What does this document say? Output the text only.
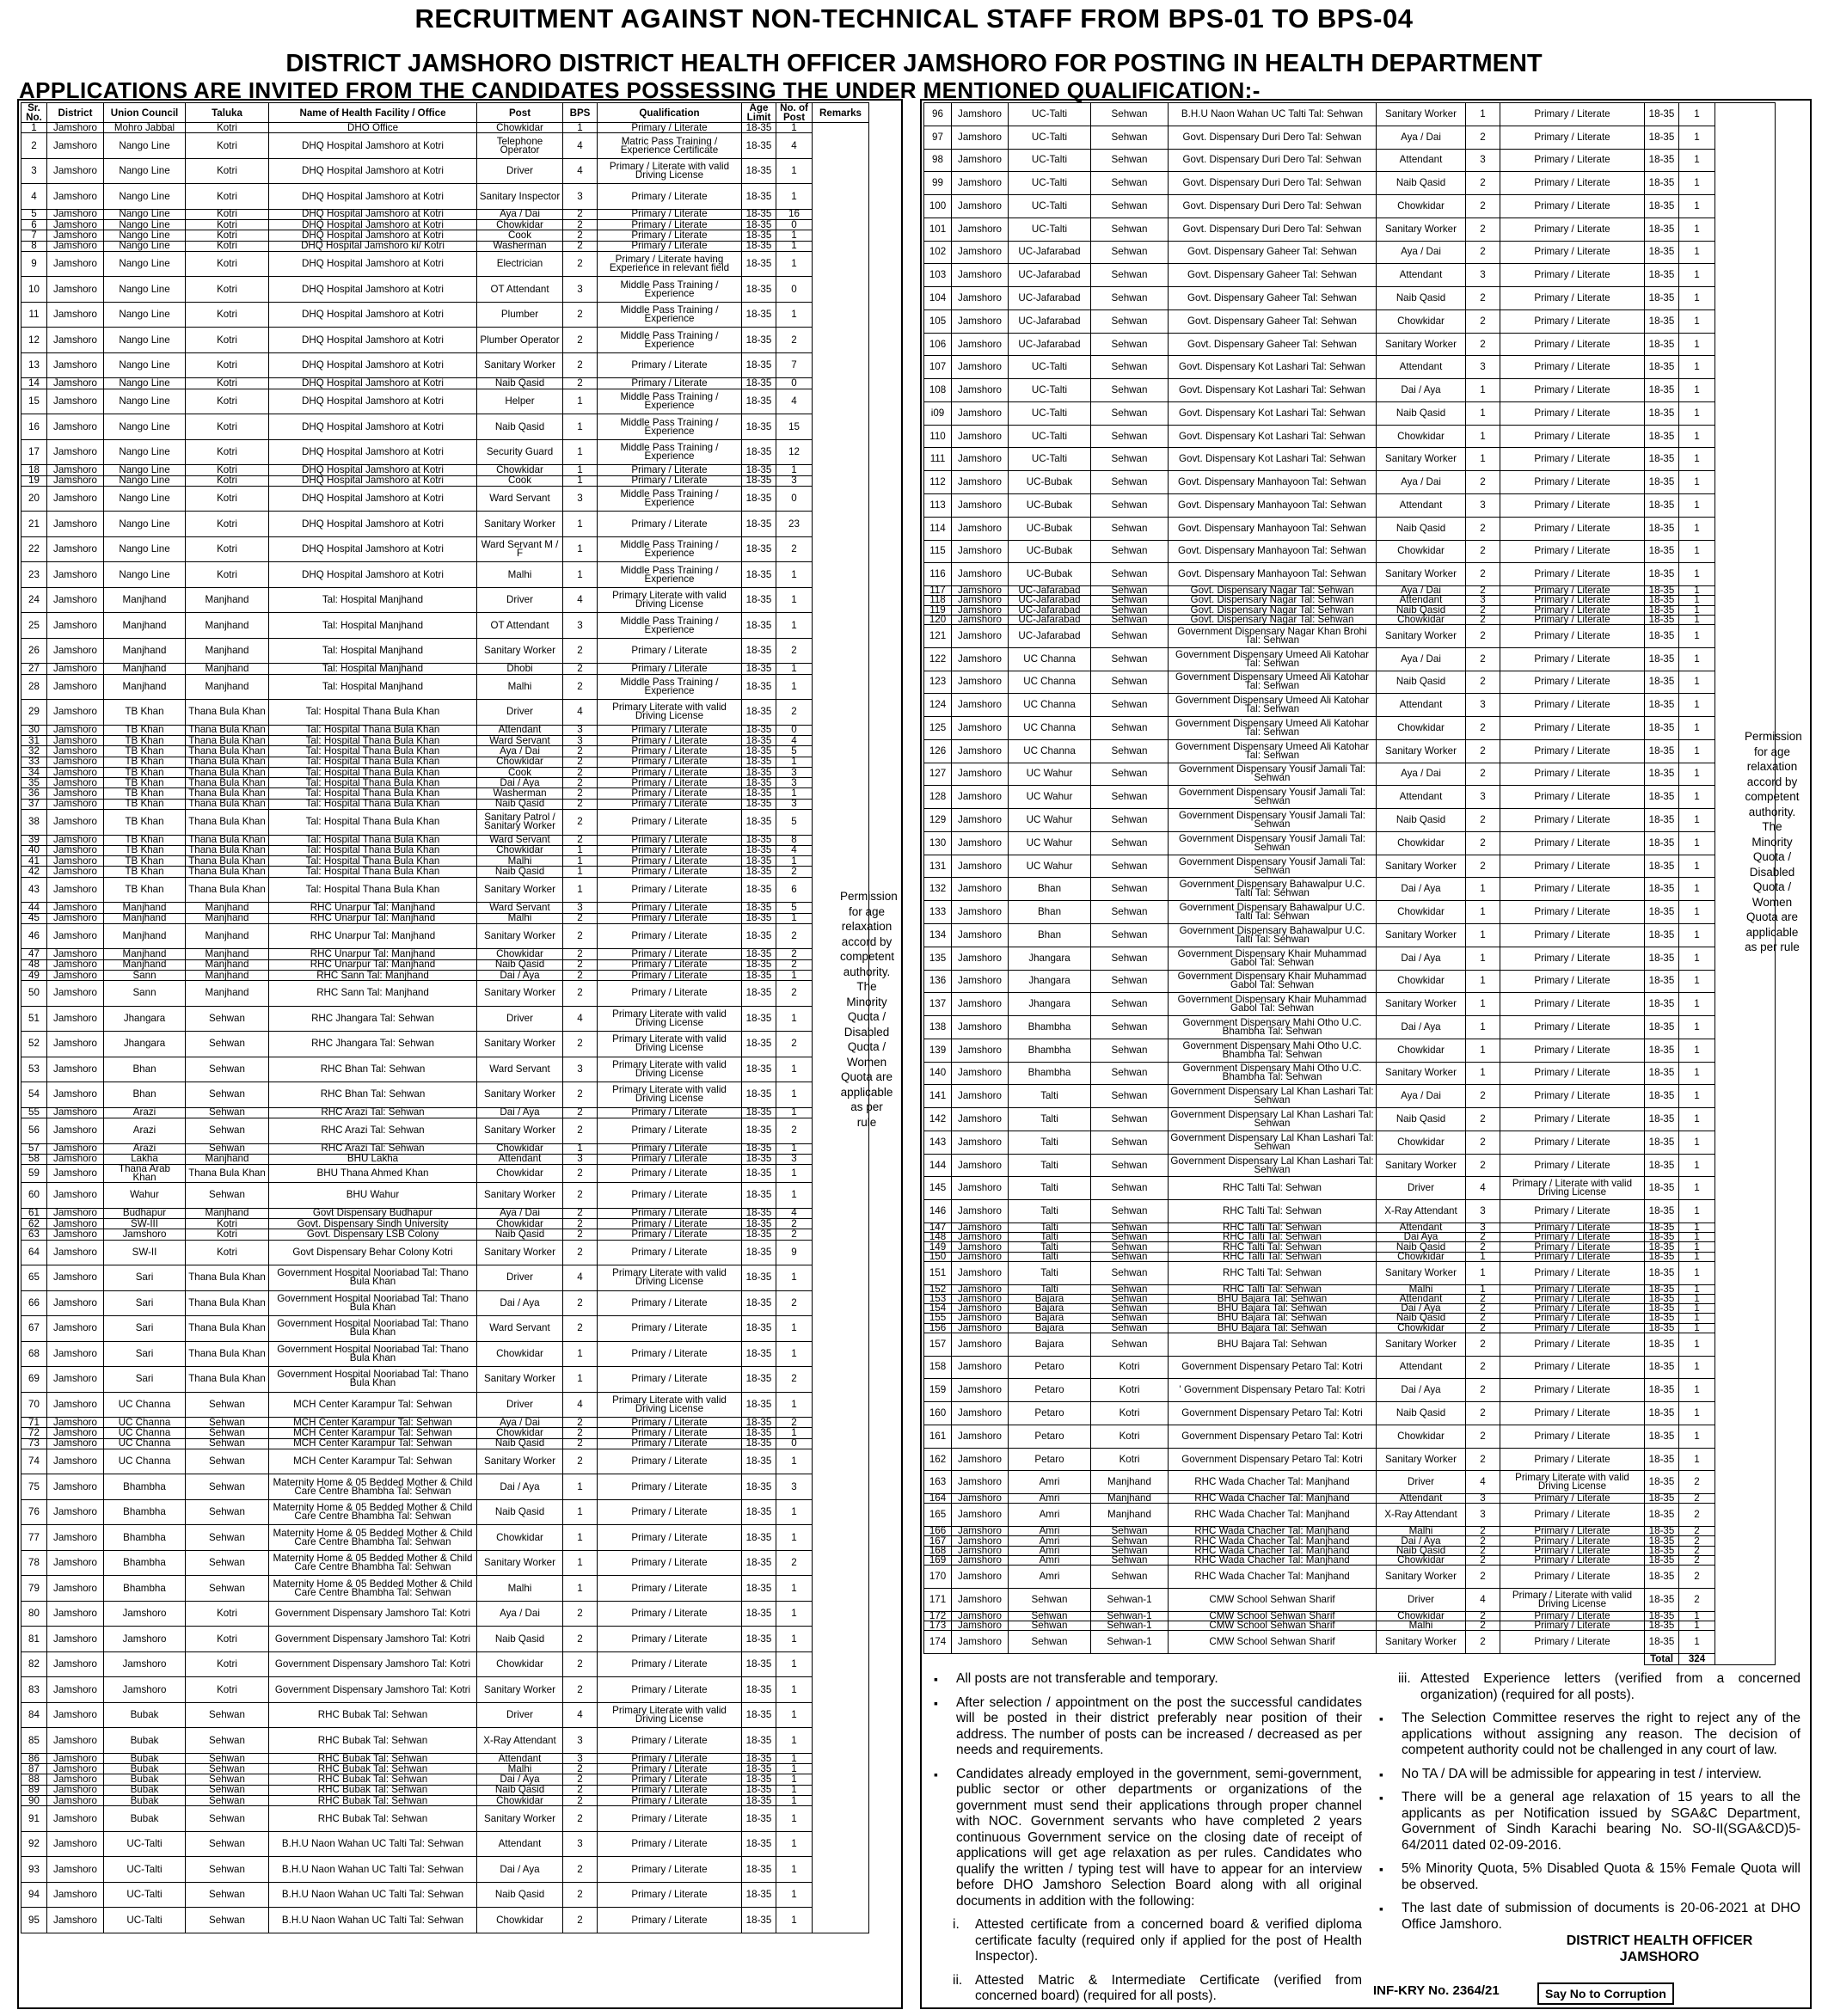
RECRUITMENT AGAINST NON-TECHNICAL STAFF FROM BPS-01 TO BPS-04
DISTRICT JAMSHORO DISTRICT HEALTH OFFICER JAMSHORO FOR POSTING IN HEALTH DEPARTMENT
APPLICATIONS ARE INVITED FROM THE CANDIDATES POSSESSING THE UNDER MENTIONED QUALIFICATION:-
Sr. No.	District	Union Council	Taluka	Name of Health Facility / Office	Post	BPS	Qualification	Age Limit	No. of Post	Remarks
1	Jamshoro	Mohro Jabbal	Kotri	DHO Office	Chowkidar	1	Primary / Literate	18-35	1	
2	Jamshoro	Nango Line	Kotri	DHQ Hospital Jamshoro at Kotri	Telephone Operator	4	Matric Pass Training / Experience Certificate	18-35	4	
3	Jamshoro	Nango Line	Kotri	DHQ Hospital Jamshoro at Kotri	Driver	4	Primary / Literate with valid Driving License	18-35	1	
4	Jamshoro	Nango Line	Kotri	DHQ Hospital Jamshoro at Kotri	Sanitary Inspector	3	Primary / Literate	18-35	1	
5	Jamshoro	Nango Line	Kotri	DHQ Hospital Jamshoro at Kotri	Aya / Dai	2	Primary / Literate	18-35	16	
6	Jamshoro	Nango Line	Kotri	DHQ Hospital Jamshoro at Kotri	Chowkidar	2	Primary / Literate	18-35	0	
7	Jamshoro	Nango Line	Kotri	DHQ Hospital Jamshoro at Kotri	Cook	2	Primary / Literate	18-35	1	
8	Jamshoro	Nango Line	Kotri	DHQ Hospital Jamshoro ki/ Kotri	Washerman	2	Primary / Literate	18-35	1	
9	Jamshoro	Nango Line	Kotri	DHQ Hospital Jamshoro at Kotri	Electrician	2	Primary / Literate having Experience in relevant field	18-35	1	
10	Jamshoro	Nango Line	Kotri	DHQ Hospital Jamshoro at Kotri	OT Attendant	3	Middle Pass Training / Experience	18-35	0	
11	Jamshoro	Nango Line	Kotri	DHQ Hospital Jamshoro at Kotri	Plumber	2	Middle Pass Training / Experience	18-35	1	
12	Jamshoro	Nango Line	Kotri	DHQ Hospital Jamshoro at Kotri	Plumber Operator	2	Middle Pass Training / Experience	18-35	2	
13	Jamshoro	Nango Line	Kotri	DHQ Hospital Jamshoro at Kotri	Sanitary Worker	2	Primary / Literate	18-35	7	
14	Jamshoro	Nango Line	Kotri	DHQ Hospital Jamshoro at Kotri	Naib Qasid	2	Primary / Literate	18-35	0	
15	Jamshoro	Nango Line	Kotri	DHQ Hospital Jamshoro at Kotri	Helper	1	Middle Pass Training / Experience	18-35	4	
16	Jamshoro	Nango Line	Kotri	DHQ Hospital Jamshoro at Kotri	Naib Qasid	1	Middle Pass Training / Experience	18-35	15	
17	Jamshoro	Nango Line	Kotri	DHQ Hospital Jamshoro at Kotri	Security Guard	1	Middle Pass Training / Experience	18-35	12	
18	Jamshoro	Nango Line	Kotri	DHQ Hospital Jamshoro at Kotri	Chowkidar	1	Primary / Literate	18-35	1	
19	Jamshoro	Nango Line	Kotri	DHQ Hospital Jamshoro at Kotri	Cook	1	Primary / Literate	18-35	3	
20	Jamshoro	Nango Line	Kotri	DHQ Hospital Jamshoro at Kotri	Ward Servant	3	Middle Pass Training / Experience	18-35	0	
21	Jamshoro	Nango Line	Kotri	DHQ Hospital Jamshoro at Kotri	Sanitary Worker	1	Primary / Literate	18-35	23	
22	Jamshoro	Nango Line	Kotri	DHQ Hospital Jamshoro at Kotri	Ward Servant M / F	1	Middle Pass Training / Experience	18-35	2	
23	Jamshoro	Nango Line	Kotri	DHQ Hospital Jamshoro at Kotri	Malhi	1	Middle Pass Training / Experience	18-35	1	
24	Jamshoro	Manjhand	Manjhand	Tal: Hospital Manjhand	Driver	4	Primary Literate with valid Driving License	18-35	1	
25	Jamshoro	Manjhand	Manjhand	Tal: Hospital Manjhand	OT Attendant	3	Middle Pass Training / Experience	18-35	1	
26	Jamshoro	Manjhand	Manjhand	Tal: Hospital Manjhand	Sanitary Worker	2	Primary / Literate	18-35	2	
27	Jamshoro	Manjhand	Manjhand	Tal: Hospital Manjhand	Dhobi	2	Primary / Literate	18-35	1	
28	Jamshoro	Manjhand	Manjhand	Tal: Hospital Manjhand	Malhi	2	Middle Pass Training / Experience	18-35	1	
29	Jamshoro	TB Khan	Thana Bula Khan	Tal: Hospital Thana Bula Khan	Driver	4	Primary Literate with valid Driving License	18-35	2	
30	Jamshoro	TB Khan	Thana Bula Khan	Tal: Hospital Thana Bula Khan	Attendant	3	Primary / Literate	18-35	0	
31	Jamshoro	TB Khan	Thana Bula Khan	Tal: Hospital Thana Bula Khan	Ward Servant	3	Primary / Literate	18-35	4	
32	Jamshoro	TB Khan	Thana Bula Khan	Tal: Hospital Thana Bula Khan	Aya / Dai	2	Primary / Literate	18-35	5	
33	Jamshoro	TB Khan	Thana Bula Khan	Tal: Hospital Thana Bula Khan	Chowkidar	2	Primary / Literate	18-35	1	
34	Jamshoro	TB Khan	Thana Bula Khan	Tal: Hospital Thana Bula Khan	Cook	2	Primary / Literate	18-35	3	
35	Jamshoro	TB Khan	Thana Bula Khan	Tal: Hospital Thana Bula Khan	Dai / Aya	2	Primary / Literate	18-35	3	
36	Jamshoro	TB Khan	Thana Bula Khan	Tal: Hospital Thana Bula Khan	Washerman	2	Primary / Literate	18-35	1	
37	Jamshoro	TB Khan	Thana Bula Khan	Tal: Hospital Thana Bula Khan	Naib Qasid	2	Primary / Literate	18-35	3	
38	Jamshoro	TB Khan	Thana Bula Khan	Tal: Hospital Thana Bula Khan	Sanitary Patrol / Sanitary Worker	2	Primary / Literate	18-35	5	
39	Jamshoro	TB Khan	Thana Bula Khan	Tal: Hospital Thana Bula Khan	Ward Servant	2	Primary / Literate	18-35	8	
40	Jamshoro	TB Khan	Thana Bula Khan	Tal: Hospital Thana Bula Khan	Chowkidar	1	Primary / Literate	18-35	4	
41	Jamshoro	TB Khan	Thana Bula Khan	Tal: Hospital Thana Bula Khan	Malhi	1	Primary / Literate	18-35	1	
42	Jamshoro	TB Khan	Thana Bula Khan	Tal: Hospital Thana Bula Khan	Naib Qasid	1	Primary / Literate	18-35	2	
43	Jamshoro	TB Khan	Thana Bula Khan	Tal: Hospital Thana Bula Khan	Sanitary Worker	1	Primary / Literate	18-35	6	
44	Jamshoro	Manjhand	Manjhand	RHC Unarpur Tal: Manjhand	Ward Servant	3	Primary / Literate	18-35	5	
45	Jamshoro	Manjhand	Manjhand	RHC Unarpur Tal: Manjhand	Malhi	2	Primary / Literate	18-35	1	
46	Jamshoro	Manjhand	Manjhand	RHC Unarpur Tal: Manjhand	Sanitary Worker	2	Primary / Literate	18-35	2	
47	Jamshoro	Manjhand	Manjhand	RHC Unarpur Tal: Manjhand	Chowkidar	2	Primary / Literate	18-35	2	
48	Jamshoro	Manjhand	Manjhand	RHC Unarpur Tal: Manjhand	Naib Qasid	2	Primary / Literate	18-35	2	
49	Jamshoro	Sann	Manjhand	RHC Sann Tal: Manjhand	Dai / Aya	2	Primary / Literate	18-35	1	
50	Jamshoro	Sann	Manjhand	RHC Sann Tal: Manjhand	Sanitary Worker	2	Primary / Literate	18-35	2	
51	Jamshoro	Jhangara	Sehwan	RHC Jhangara Tal: Sehwan	Driver	4	Primary Literate with valid Driving License	18-35	1	
52	Jamshoro	Jhangara	Sehwan	RHC Jhangara Tal: Sehwan	Sanitary Worker	2	Primary Literate with valid Driving License	18-35	2	
53	Jamshoro	Bhan	Sehwan	RHC Bhan Tal: Sehwan	Ward Servant	3	Primary Literate with valid Driving License	18-35	1	
54	Jamshoro	Bhan	Sehwan	RHC Bhan Tal: Sehwan	Sanitary Worker	2	Primary Literate with valid Driving License	18-35	1	
55	Jamshoro	Arazi	Sehwan	RHC Arazi Tal: Sehwan	Dai / Aya	2	Primary / Literate	18-35	1	
56	Jamshoro	Arazi	Sehwan	RHC Arazi Tal: Sehwan	Sanitary Worker	2	Primary / Literate	18-35	2	
57	Jamshoro	Arazi	Sehwan	RHC Arazi Tal: Sehwan	Chowkidar	1	Primary / Literate	18-35	1	
58	Jamshoro	Lakha	Manjhand	BHU Lakha	Attendant	3	Primary / Literate	18-35	3	
59	Jamshoro	Thana Arab Khan	Thana Bula Khan	BHU Thana Ahmed Khan	Chowkidar	2	Primary / Literate	18-35	1	
60	Jamshoro	Wahur	Sehwan	BHU Wahur	Sanitary Worker	2	Primary / Literate	18-35	1	
61	Jamshoro	Budhapur	Manjhand	Govt Dispensary Budhapur	Aya / Dai	2	Primary / Literate	18-35	4	
62	Jamshoro	SW-III	Kotri	Govt. Dispensary Sindh University	Chowkidar	2	Primary / Literate	18-35	2	
63	Jamshoro	Jamshoro	Kotri	Govt. Dispensary LSB Colony	Naib Qasid	2	Primary / Literate	18-35	2	
64	Jamshoro	SW-II	Kotri	Govt Dispensary Behar Colony Kotri	Sanitary Worker	2	Primary / Literate	18-35	9	
65	Jamshoro	Sari	Thana Bula Khan	Government Hospital Nooriabad Tal: Thano Bula Khan	Driver	4	Primary Literate with valid Driving License	18-35	1	
66	Jamshoro	Sari	Thana Bula Khan	Government Hospital Nooriabad Tal: Thano Bula Khan	Dai / Aya	2	Primary / Literate	18-35	2	
67	Jamshoro	Sari	Thana Bula Khan	Government Hospital Nooriabad Tal: Thano Bula Khan	Ward Servant	2	Primary / Literate	18-35	1	
68	Jamshoro	Sari	Thana Bula Khan	Government Hospital Nooriabad Tal: Thano Bula Khan	Chowkidar	1	Primary / Literate	18-35	1	
69	Jamshoro	Sari	Thana Bula Khan	Government Hospital Nooriabad Tal: Thano Bula Khan	Sanitary Worker	1	Primary / Literate	18-35	2	
70	Jamshoro	UC Channa	Sehwan	MCH Center Karampur Tal: Sehwan	Driver	4	Primary Literate with valid Driving License	18-35	1	
71	Jamshoro	UC Channa	Sehwan	MCH Center Karampur Tal: Sehwan	Aya / Dai	2	Primary / Literate	18-35	2	
72	Jamshoro	UC Channa	Sehwan	MCH Center Karampur Tal: Sehwan	Chowkidar	2	Primary / Literate	18-35	1	
73	Jamshoro	UC Channa	Sehwan	MCH Center Karampur Tal: Sehwan	Naib Qasid	2	Primary / Literate	18-35	0	
74	Jamshoro	UC Channa	Sehwan	MCH Center Karampur Tal: Sehwan	Sanitary Worker	2	Primary / Literate	18-35	1	
75	Jamshoro	Bhambha	Sehwan	Maternity Home & 05 Bedded Mother & Child Care Centre Bhambha Tal: Sehwan	Dai / Aya	1	Primary / Literate	18-35	3	
76	Jamshoro	Bhambha	Sehwan	Maternity Home & 05 Bedded Mother & Child Care Centre Bhambha Tal: Sehwan	Naib Qasid	1	Primary / Literate	18-35	1	
77	Jamshoro	Bhambha	Sehwan	Maternity Home & 05 Bedded Mother & Child Care Centre Bhambha Tal: Sehwan	Chowkidar	1	Primary / Literate	18-35	1	
78	Jamshoro	Bhambha	Sehwan	Maternity Home & 05 Bedded Mother & Child Care Centre Bhambha Tal: Sehwan	Sanitary Worker	1	Primary / Literate	18-35	2	
79	Jamshoro	Bhambha	Sehwan	Maternity Home & 05 Bedded Mother & Child Care Centre Bhambha Tal: Sehwan	Malhi	1	Primary / Literate	18-35	1	
80	Jamshoro	Jamshoro	Kotri	Government Dispensary Jamshoro Tal: Kotri	Aya / Dai	2	Primary / Literate	18-35	1	
81	Jamshoro	Jamshoro	Kotri	Government Dispensary Jamshoro Tal: Kotri	Naib Qasid	2	Primary / Literate	18-35	1	
82	Jamshoro	Jamshoro	Kotri	Government Dispensary Jamshoro Tal: Kotri	Chowkidar	2	Primary / Literate	18-35	1	
83	Jamshoro	Jamshoro	Kotri	Government Dispensary Jamshoro Tal: Kotri	Sanitary Worker	2	Primary / Literate	18-35	1	
84	Jamshoro	Bubak	Sehwan	RHC Bubak Tal: Sehwan	Driver	4	Primary Literate with valid Driving License	18-35	1	
85	Jamshoro	Bubak	Sehwan	RHC Bubak Tal: Sehwan	X-Ray Attendant	3	Primary / Literate	18-35	1	
86	Jamshoro	Bubak	Sehwan	RHC Bubak Tal: Sehwan	Attendant	3	Primary / Literate	18-35	1	
87	Jamshoro	Bubak	Sehwan	RHC Bubak Tal: Sehwan	Malhi	2	Primary / Literate	18-35	1	
88	Jamshoro	Bubak	Sehwan	RHC Bubak Tal: Sehwan	Dai / Aya	2	Primary / Literate	18-35	1	
89	Jamshoro	Bubak	Sehwan	RHC Bubak Tal: Sehwan	Naib Qasid	2	Primary / Literate	18-35	1	
90	Jamshoro	Bubak	Sehwan	RHC Bubak Tal: Sehwan	Chowkidar	2	Primary / Literate	18-35	1	
91	Jamshoro	Bubak	Sehwan	RHC Bubak Tal: Sehwan	Sanitary Worker	2	Primary / Literate	18-35	1	
92	Jamshoro	UC-Talti	Sehwan	B.H.U Naon Wahan UC Talti Tal: Sehwan	Attendant	3	Primary / Literate	18-35	1	
93	Jamshoro	UC-Talti	Sehwan	B.H.U Naon Wahan UC Talti Tal: Sehwan	Dai / Aya	2	Primary / Literate	18-35	1	
94	Jamshoro	UC-Talti	Sehwan	B.H.U Naon Wahan UC Talti Tal: Sehwan	Naib Qasid	2	Primary / Literate	18-35	1	
95	Jamshoro	UC-Talti	Sehwan	B.H.U Naon Wahan UC Talti Tal: Sehwan	Chowkidar	2	Primary / Literate	18-35	1	
Permission for age relaxation accord by competent authority. The Minority Quota / Disabled Quota / Women Quota are applicable as per rule
96	Jamshoro	UC-Talti	Sehwan	B.H.U Naon Wahan UC Talti Tal: Sehwan	Sanitary Worker	1	Primary / Literate	18-35	1	
97	Jamshoro	UC-Talti	Sehwan	Govt. Dispensary Duri Dero Tal: Sehwan	Aya / Dai	2	Primary / Literate	18-35	1	
98	Jamshoro	UC-Talti	Sehwan	Govt. Dispensary Duri Dero Tal: Sehwan	Attendant	3	Primary / Literate	18-35	1	
99	Jamshoro	UC-Talti	Sehwan	Govt. Dispensary Duri Dero Tal: Sehwan	Naib Qasid	2	Primary / Literate	18-35	1	
100	Jamshoro	UC-Talti	Sehwan	Govt. Dispensary Duri Dero Tal: Sehwan	Chowkidar	2	Primary / Literate	18-35	1	
101	Jamshoro	UC-Talti	Sehwan	Govt. Dispensary Duri Dero Tal: Sehwan	Sanitary Worker	2	Primary / Literate	18-35	1	
102	Jamshoro	UC-Jafarabad	Sehwan	Govt. Dispensary Gaheer Tal: Sehwan	Aya / Dai	2	Primary / Literate	18-35	1	
103	Jamshoro	UC-Jafarabad	Sehwan	Govt. Dispensary Gaheer Tal: Sehwan	Attendant	3	Primary / Literate	18-35	1	
104	Jamshoro	UC-Jafarabad	Sehwan	Govt. Dispensary Gaheer Tal: Sehwan	Naib Qasid	2	Primary / Literate	18-35	1	
105	Jamshoro	UC-Jafarabad	Sehwan	Govt. Dispensary Gaheer Tal: Sehwan	Chowkidar	2	Primary / Literate	18-35	1	
106	Jamshoro	UC-Jafarabad	Sehwan	Govt. Dispensary Gaheer Tal: Sehwan	Sanitary Worker	2	Primary / Literate	18-35	1	
107	Jamshoro	UC-Talti	Sehwan	Govt. Dispensary Kot Lashari Tal: Sehwan	Attendant	3	Primary / Literate	18-35	1	
108	Jamshoro	UC-Talti	Sehwan	Govt. Dispensary Kot Lashari Tal: Sehwan	Dai / Aya	1	Primary / Literate	18-35	1	
i09	Jamshoro	UC-Talti	Sehwan	Govt. Dispensary Kot Lashari Tal: Sehwan	Naib Qasid	1	Primary / Literate	18-35	1	
110	Jamshoro	UC-Talti	Sehwan	Govt. Dispensary Kot Lashari Tal: Sehwan	Chowkidar	1	Primary / Literate	18-35	1	
111	Jamshoro	UC-Talti	Sehwan	Govt. Dispensary Kot Lashari Tal: Sehwan	Sanitary Worker	1	Primary / Literate	18-35	1	
112	Jamshoro	UC-Bubak	Sehwan	Govt. Dispensary Manhayoon Tal: Sehwan	Aya / Dai	2	Primary / Literate	18-35	1	
113	Jamshoro	UC-Bubak	Sehwan	Govt. Dispensary Manhayoon Tal: Sehwan	Attendant	3	Primary / Literate	18-35	1	
114	Jamshoro	UC-Bubak	Sehwan	Govt. Dispensary Manhayoon Tal: Sehwan	Naib Qasid	2	Primary / Literate	18-35	1	
115	Jamshoro	UC-Bubak	Sehwan	Govt. Dispensary Manhayoon Tal: Sehwan	Chowkidar	2	Primary / Literate	18-35	1	
116	Jamshoro	UC-Bubak	Sehwan	Govt. Dispensary Manhayoon Tal: Sehwan	Sanitary Worker	2	Primary / Literate	18-35	1	
117	Jamshoro	UC-Jafarabad	Sehwan	Govt. Dispensary Nagar Tal: Sehwan	Aya / Dai	2	Primary / Literate	18-35	1	
118	Jamshoro	UC-Jafarabad	Sehwan	Govt. Dispensary Nagar Tal: Sehwan	Attendant	3	Primary / Literate	18-35	1	
119	Jamshoro	UC-Jafarabad	Sehwan	Govt. Dispensary Nagar Tal: Sehwan	Naib Qasid	2	Primary / Literate	18-35	1	
120	Jamshoro	UC-Jafarabad	Sehwan	Govt. Dispensary Nagar Tal: Sehwan	Chowkidar	2	Primary / Literate	18-35	1	
121	Jamshoro	UC-Jafarabad	Sehwan	Government Dispensary Nagar Khan Brohi Tal: Sehwan	Sanitary Worker	2	Primary / Literate	18-35	1	
122	Jamshoro	UC Channa	Sehwan	Government Dispensary Umeed Ali Katohar Tal: Sehwan	Aya / Dai	2	Primary / Literate	18-35	1	
123	Jamshoro	UC Channa	Sehwan	Government Dispensary Umeed Ali Katohar Tal: Sehwan	Naib Qasid	2	Primary / Literate	18-35	1	
124	Jamshoro	UC Channa	Sehwan	Government Dispensary Umeed Ali Katohar Tal: Sehwan	Attendant	3	Primary / Literate	18-35	1	
125	Jamshoro	UC Channa	Sehwan	Government Dispensary Umeed Ali Katohar Tal: Sehwan	Chowkidar	2	Primary / Literate	18-35	1	
126	Jamshoro	UC Channa	Sehwan	Government Dispensary Umeed Ali Katohar Tal: Sehwan	Sanitary Worker	2	Primary / Literate	18-35	1	
127	Jamshoro	UC Wahur	Sehwan	Government Dispensary Yousif Jamali Tal: Sehwan	Aya / Dai	2	Primary / Literate	18-35	1	
128	Jamshoro	UC Wahur	Sehwan	Government Dispensary Yousif Jamali Tal: Sehwan	Attendant	3	Primary / Literate	18-35	1	
129	Jamshoro	UC Wahur	Sehwan	Government Dispensary Yousif Jamali Tal: Sehwan	Naib Qasid	2	Primary / Literate	18-35	1	
130	Jamshoro	UC Wahur	Sehwan	Government Dispensary Yousif Jamali Tal: Sehwan	Chowkidar	2	Primary / Literate	18-35	1	
131	Jamshoro	UC Wahur	Sehwan	Government Dispensary Yousif Jamali Tal: Sehwan	Sanitary Worker	2	Primary / Literate	18-35	1	
132	Jamshoro	Bhan	Sehwan	Government Dispensary Bahawalpur U.C. Talti Tal: Sehwan	Dai / Aya	1	Primary / Literate	18-35	1	
133	Jamshoro	Bhan	Sehwan	Government Dispensary Bahawalpur U.C. Talti Tal: Sehwan	Chowkidar	1	Primary / Literate	18-35	1	
134	Jamshoro	Bhan	Sehwan	Government Dispensary Bahawalpur U.C. Talti Tal: Sehwan	Sanitary Worker	1	Primary / Literate	18-35	1	
135	Jamshoro	Jhangara	Sehwan	Government Dispensary Khair Muhammad Gabol Tal: Sehwan	Dai / Aya	1	Primary / Literate	18-35	1	
136	Jamshoro	Jhangara	Sehwan	Government Dispensary Khair Muhammad Gabol Tal: Sehwan	Chowkidar	1	Primary / Literate	18-35	1	
137	Jamshoro	Jhangara	Sehwan	Government Dispensary Khair Muhammad Gabol Tal: Sehwan	Sanitary Worker	1	Primary / Literate	18-35	1	
138	Jamshoro	Bhambha	Sehwan	Government Dispensary Mahi Otho U.C. Bhambha Tal: Sehwan	Dai / Aya	1	Primary / Literate	18-35	1	
139	Jamshoro	Bhambha	Sehwan	Government Dispensary Mahi Otho U.C. Bhambha Tal: Sehwan	Chowkidar	1	Primary / Literate	18-35	1	
140	Jamshoro	Bhambha	Sehwan	Government Dispensary Mahi Otho U.C. Bhambha Tal: Sehwan	Sanitary Worker	1	Primary / Literate	18-35	1	
141	Jamshoro	Talti	Sehwan	Government Dispensary Lal Khan Lashari Tal: Sehwan	Aya / Dai	2	Primary / Literate	18-35	1	
142	Jamshoro	Talti	Sehwan	Government Dispensary Lal Khan Lashari Tal: Sehwan	Naib Qasid	2	Primary / Literate	18-35	1	
143	Jamshoro	Talti	Sehwan	Government Dispensary Lal Khan Lashari Tal: Sehwan	Chowkidar	2	Primary / Literate	18-35	1	
144	Jamshoro	Talti	Sehwan	Government Dispensary Lal Khan Lashari Tal: Sehwan	Sanitary Worker	2	Primary / Literate	18-35	1	
145	Jamshoro	Talti	Sehwan	RHC Talti Tal: Sehwan	Driver	4	Primary / Literate with valid Driving License	18-35	1	
146	Jamshoro	Talti	Sehwan	RHC Talti Tal: Sehwan	X-Ray Attendant	3	Primary / Literate	18-35	1	
147	Jamshoro	Talti	Sehwan	RHC Talti Tal: Sehwan	Attendant	3	Primary / Literate	18-35	1	
148	Jamshoro	Talti	Sehwan	RHC Talti Tal: Sehwan	Dai Aya	2	Primary / Literate	18-35	1	
149	Jamshoro	Talti	Sehwan	RHC Talti Tal: Sehwan	Naib Qasid	2	Primary / Literate	18-35	1	
150	Jamshoro	Talti	Sehwan	RHC Talti Tal: Sehwan	Chowkidar	1	Primary / Literate	18-35	1	
151	Jamshoro	Talti	Sehwan	RHC Talti Tal: Sehwan	Sanitary Worker	1	Primary / Literate	18-35	1	
152	Jamshoro	Talti	Sehwan	RHC Talti Tal: Sehwan	Malhi	1	Primary / Literate	18-35	1	
153	Jamshoro	Bajara	Sehwan	BHU Bajara Tal: Sehwan	Attendant	2	Primary / Literate	18-35	1	
154	Jamshoro	Bajara	Sehwan	BHU Bajara Tal: Sehwan	Dai / Aya	2	Primary / Literate	18-35	1	
155	Jamshoro	Bajara	Sehwan	BHU Bajara Tal: Sehwan	Naib Qasid	2	Primary / Literate	18-35	1	
156	Jamshoro	Bajara	Sehwan	BHU Bajara Tal: Sehwan	Chowkidar	2	Primary / Literate	18-35	1	
157	Jamshoro	Bajara	Sehwan	BHU Bajara Tal: Sehwan	Sanitary Worker	2	Primary / Literate	18-35	1	
158	Jamshoro	Petaro	Kotri	Government Dispensary Petaro Tal: Kotri	Attendant	2	Primary / Literate	18-35	1	
159	Jamshoro	Petaro	Kotri	' Government Dispensary Petaro Tal: Kotri	Dai / Aya	2	Primary / Literate	18-35	1	
160	Jamshoro	Petaro	Kotri	Government Dispensary Petaro Tal: Kotri	Naib Qasid	2	Primary / Literate	18-35	1	
161	Jamshoro	Petaro	Kotri	Government Dispensary Petaro Tal: Kotri	Chowkidar	2	Primary / Literate	18-35	1	
162	Jamshoro	Petaro	Kotri	Government Dispensary Petaro Tal: Kotri	Sanitary Worker	2	Primary / Literate	18-35	1	
163	Jamshoro	Amri	Manjhand	RHC Wada Chacher Tal: Manjhand	Driver	4	Primary Literate with valid Driving License	18-35	2	
164	Jamshoro	Amri	Manjhand	RHC Wada Chacher Tal: Manjhand	Attendant	3	Primary / Literate	18-35	2	
165	Jamshoro	Amri	Manjhand	RHC Wada Chacher Tal: Manjhand	X-Ray Attendant	3	Primary / Literate	18-35	2	
166	Jamshoro	Amri	Sehwan	RHC Wada Chacher Tal: Manjhand	Malhi	2	Primary / Literate	18-35	2	
167	Jamshoro	Amri	Sehwan	RHC Wada Chacher Tal: Manjhand	Dai / Aya	2	Primary / Literate	18-35	2	
168	Jamshoro	Amri	Sehwan	RHC Wada Chacher Tal: Manjhand	Naib Qasid	2	Primary / Literate	18-35	2	
169	Jamshoro	Amri	Sehwan	RHC Wada Chacher Tal: Manjhand	Chowkidar	2	Primary / Literate	18-35	2	
170	Jamshoro	Amri	Sehwan	RHC Wada Chacher Tal: Manjhand	Sanitary Worker	2	Primary / Literate	18-35	2	
171	Jamshoro	Sehwan	Sehwan-1	CMW School Sehwan Sharif	Driver	4	Primary / Literate with valid Driving License	18-35	2	
172	Jamshoro	Sehwan	Sehwan-1	CMW School Sehwan Sharif	Chowkidar	2	Primary / Literate	18-35	1	
173	Jamshoro	Sehwan	Sehwan-1	CMW School Sehwan Sharif	Malhi	2	Primary / Literate	18-35	1	
174	Jamshoro	Sehwan	Sehwan-1	CMW School Sehwan Sharif	Sanitary Worker	2	Primary / Literate	18-35	1	
								Total	324	
Permission for age relaxation accord by competent authority. The Minority Quota / Disabled Quota / Women Quota are applicable as per rule

▪ All posts are not transferable and temporary.

▪ After selection / appointment on the post the successful candidates will be posted in their district preferably near position of their address. The number of posts can be increased / decreased as per needs and requirements.

▪ Candidates already employed in the government, semi-government, public sector or other departments or organizations of the government must send their applications through proper channel with NOC. Government servants who have completed 2 years continuous Government service on the closing date of receipt of applications will get age relaxation as per rules. Candidates who qualify the written / typing test will have to appear for an interview before DHO Jamshoro Selection Board along with all original documents in addition with the following:

i. Attested certificate from a concerned board & verified diploma certificate faculty (required only if applied for the post of Health Inspector).

ii. Attested Matric & Intermediate Certificate (verified from concerned board) (required for all posts).

iii. Attested Experience letters (verified from a concerned organization) (required for all posts).

▪ The Selection Committee reserves the right to reject any of the applications without assigning any reason. The decision of competent authority could not be challenged in any court of law.

▪ No TA / DA will be admissible for appearing in test / interview.

▪ There will be a general age relaxation of 15 years to all the applicants as per Notification issued by SGA&C Department, Government of Sindh Karachi bearing No. SO-II(SGA&CD)5-64/2011 dated 02-09-2016.

▪ 5% Minority Quota, 5% Disabled Quota & 15% Female Quota will be observed.

▪ The last date of submission of documents is 20-06-2021 at DHO Office Jamshoro.

DISTRICT HEALTH OFFICER
JAMSHORO
INF-KRY No. 2364/21	Say No to Corruption
